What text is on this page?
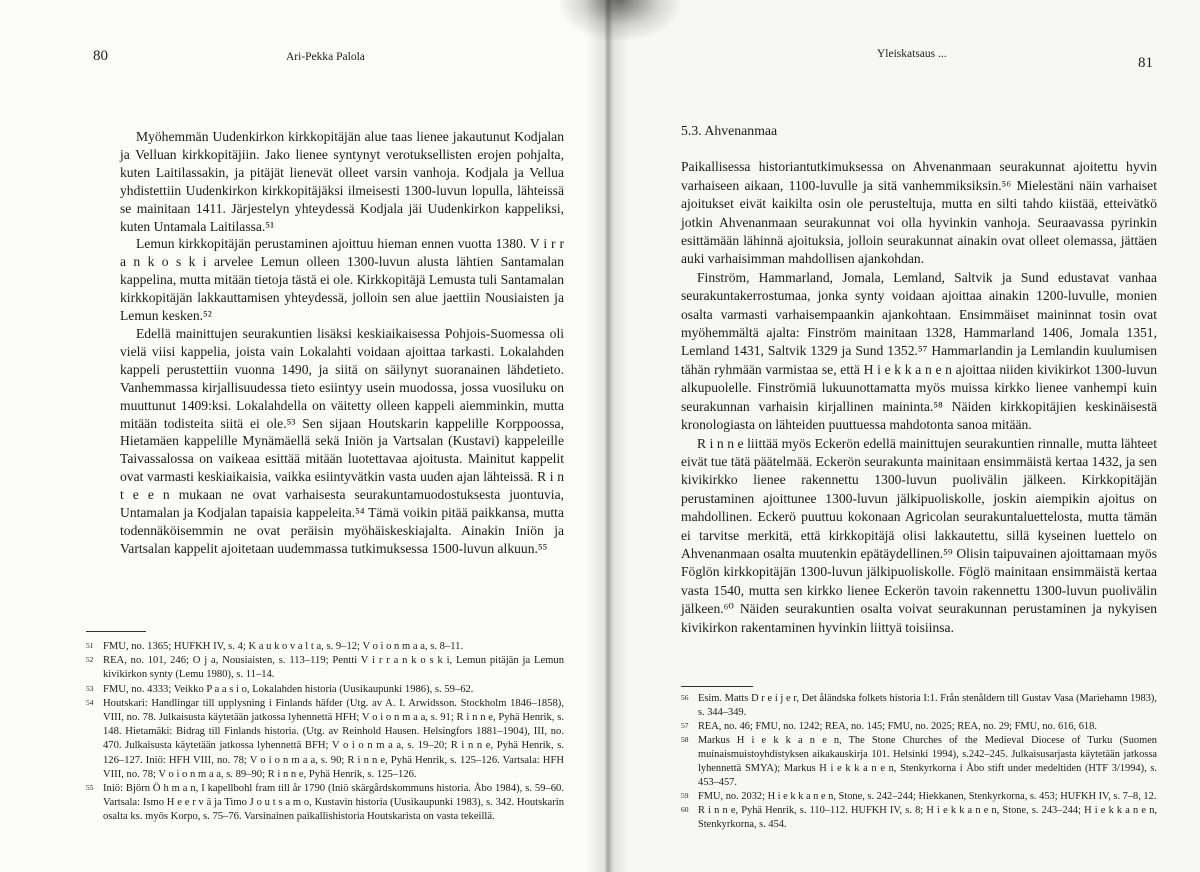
80	Ari-Pekka Palola

Myöhemmän Uudenkirkon kirkkopitäjän alue taas lienee jakautunut Kodjalan ja Velluan kirkkopitäjiin. Jako lienee syntynyt verotuksellisten erojen pohjalta, kuten Laitilassakin, ja pitäjät lienevät olleet varsin vanhoja. Kodjala ja Vellua yhdistettiin Uudenkirkon kirkkopitäjäksi ilmeisesti 1300-luvun lopulla, lähteissä se mainitaan 1411. Järjestelyn yhteydessä Kodjala jäi Uudenkirkon kappeliksi, kuten Untamala Laitilassa.⁵¹

Lemun kirkkopitäjän perustaminen ajoittuu hieman ennen vuotta 1380. V i r r a n k o s k i arvelee Lemun olleen 1300-luvun alusta lähtien Santamalan kappelina, mutta mitään tietoja tästä ei ole. Kirkkopitäjä Lemusta tuli Santamalan kirkkopitäjän lakkauttamisen yhteydessä, jolloin sen alue jaettiin Nousiaisten ja Lemun kesken.⁵²

Edellä mainittujen seurakuntien lisäksi keskiaikaisessa Pohjois-Suomessa oli vielä viisi kappelia, joista vain Lokalahti voidaan ajoittaa tarkasti. Lokalahden kappeli perustettiin vuonna 1490, ja siitä on säilynyt suoranainen lähdetieto. Vanhemmassa kirjallisuudessa tieto esiintyy usein muodossa, jossa vuosiluku on muuttunut 1409:ksi. Lokalahdella on väitetty olleen kappeli aiemminkin, mutta mitään todisteita siitä ei ole.⁵³ Sen sijaan Houtskarin kappelille Korppoossa, Hietamäen kappelille Mynämäellä sekä Iniön ja Vartsalan (Kustavi) kappeleille Taivassalossa on vaikeaa esittää mitään luotettavaa ajoitusta. Mainitut kappelit ovat varmasti keskiaikaisia, vaikka esiintyvätkin vasta uuden ajan lähteissä. R i n t e e n mukaan ne ovat varhaisesta seurakuntamuodostuksesta juontuvia, Untamalan ja Kodjalan tapaisia kappeleita.⁵⁴ Tämä voikin pitää paikkansa, mutta todennäköisemmin ne ovat peräisin myöhäiskeskiajalta. Ainakin Iniön ja Vartsalan kappelit ajoitetaan uudemmassa tutkimuksessa 1500-luvun alkuun.⁵⁵

51 FMU, no. 1365; HUFKH IV, s. 4; K a u k o v a l t a, s. 9–12; V o i o n m a a, s. 8–11.
52 REA, no. 101, 246; O j a, Nousiaisten, s. 113–119; Pentti V i r r a n k o s k i, Lemun pitäjän ja Lemun kivikirkon synty (Lemu 1980), s. 11–14.
53 FMU, no. 4333; Veikko P a a s i o, Lokalahden historia (Uusikaupunki 1986), s. 59–62.
54 Houtskari: Handlingar till upplysning i Finlands häfder (Utg. av A. I. Arwidsson. Stockholm 1846–1858), VIII, no. 78. Julkaisusta käytetään jatkossa lyhennettä HFH; V o i o n m a a, s. 91; R i n n e, Pyhä Henrik, s. 148. Hietamäki: Bidrag till Finlands historia. (Utg. av Reinhold Hausen. Helsingfors 1881–1904), III, no. 470. Julkaisusta käytetään jatkossa lyhennettä BFH; V o i o n m a a, s. 19–20; R i n n e, Pyhä Henrik, s. 126–127. Iniö: HFH VIII, no. 78; V o i o n m a a, s. 90; R i n n e, Pyhä Henrik, s. 125–126. Vartsala: HFH VIII, no. 78; V o i o n m a a, s. 89–90; R i n n e, Pyhä Henrik, s. 125–126.
55 Iniö: Björn Ö h m a n, I kapellbohl fram till år 1790 (Iniö skärgårdskommuns historia. Åbo 1984), s. 59–60. Vartsala: Ismo H e e r v ä ja Timo J o u t s a m o, Kustavin historia (Uusikaupunki 1983), s. 342. Houtskarin osalta ks. myös Korpo, s. 75–76. Varsinainen paikallishistoria Houtskarista on vasta tekeillä.
Yleiskatsaus ...
81
5.3. Ahvenanmaa

Paikallisessa historiantutkimuksessa on Ahvenanmaan seurakunnat ajoitettu hyvin varhaiseen aikaan, 1100-luvulle ja sitä vanhemmiksiksin.⁵⁶ Mielestäni näin varhaiset ajoitukset eivät kaikilta osin ole perusteltuja, mutta en silti tahdo kiistää, etteivätkö jotkin Ahvenanmaan seurakunnat voi olla hyvinkin vanhoja. Seuraavassa pyrinkin esittämään lähinnä ajoituksia, jolloin seurakunnat ainakin ovat olleet olemassa, jättäen auki varhaisimman mahdollisen ajankohdan.

Finström, Hammarland, Jomala, Lemland, Saltvik ja Sund edustavat vanhaa seurakuntakerrostumaa, jonka synty voidaan ajoittaa ainakin 1200-luvulle, monien osalta varmasti varhaisempaankin ajankohtaan. Ensimmäiset maininnat tosin ovat myöhemmältä ajalta: Finström mainitaan 1328, Hammarland 1406, Jomala 1351, Lemland 1431, Saltvik 1329 ja Sund 1352.⁵⁷ Hammarlandin ja Lemlandin kuulumisen tähän ryhmään varmistaa se, että H i e k k a n e n ajoittaa niiden kivikirkot 1300-luvun alkupuolelle. Finströmiä lukuunottamatta myös muissa kirkko lienee vanhempi kuin seurakunnan varhaisin kirjallinen maininta.⁵⁸ Näiden kirkkopitäjien keskinäisestä kronologiasta on lähteiden puuttuessa mahdotonta sanoa mitään.

R i n n e liittää myös Eckerön edellä mainittujen seurakuntien rinnalle, mutta lähteet eivät tue tätä päätelmää. Eckerön seurakunta mainitaan ensimmäistä kertaa 1432, ja sen kivikirkko lienee rakennettu 1300-luvun puolivälin jälkeen. Kirkkopitäjän perustaminen ajoittunee 1300-luvun jälkipuoliskolle, joskin aiempikin ajoitus on mahdollinen. Eckerö puuttuu kokonaan Agricolan seurakuntaluettelosta, mutta tämän ei tarvitse merkitä, että kirkkopitäjä olisi lakkautettu, sillä kyseinen luettelo on Ahvenanmaan osalta muutenkin epätäydellinen.⁵⁹ Olisin taipuvainen ajoittamaan myös Föglön kirkkopitäjän 1300-luvun jälkipuoliskolle. Föglö mainitaan ensimmäistä kertaa vasta 1540, mutta sen kirkko lienee Eckerön tavoin rakennettu 1300-luvun puolivälin jälkeen.⁶⁰ Näiden seurakuntien osalta voivat seurakunnan perustaminen ja nykyisen kivikirkon rakentaminen hyvinkin liittyä toisiinsa.

56 Esim. Matts D r e i j e r, Det åländska folkets historia I:1. Från stenåldern till Gustav Vasa (Mariehamn 1983), s. 344–349.
57 REA, no. 46; FMU, no. 1242; REA, no. 145; FMU, no. 2025; REA, no. 29; FMU, no. 616, 618.
58 Markus H i e k k a n e n, The Stone Churches of the Medieval Diocese of Turku (Suomen muinaismuistoyhdistyksen aikakauskirja 101. Helsinki 1994), s.242–245. Julkaisusarjasta käytetään jatkossa lyhennettä SMYA); Markus H i e k k a n e n, Stenkyrkorna i Åbo stift under medeltiden (HTF 3/1994), s. 453–457.
59 FMU, no. 2032; H i e k k a n e n, Stone, s. 242–244; Hiekkanen, Stenkyrkorna, s. 453; HUFKH IV, s. 7–8, 12.
60 R i n n e, Pyhä Henrik, s. 110–112. HUFKH IV, s. 8; H i e k k a n e n, Stone, s. 243–244; H i e k k a n e n, Stenkyrkorna, s. 454.
